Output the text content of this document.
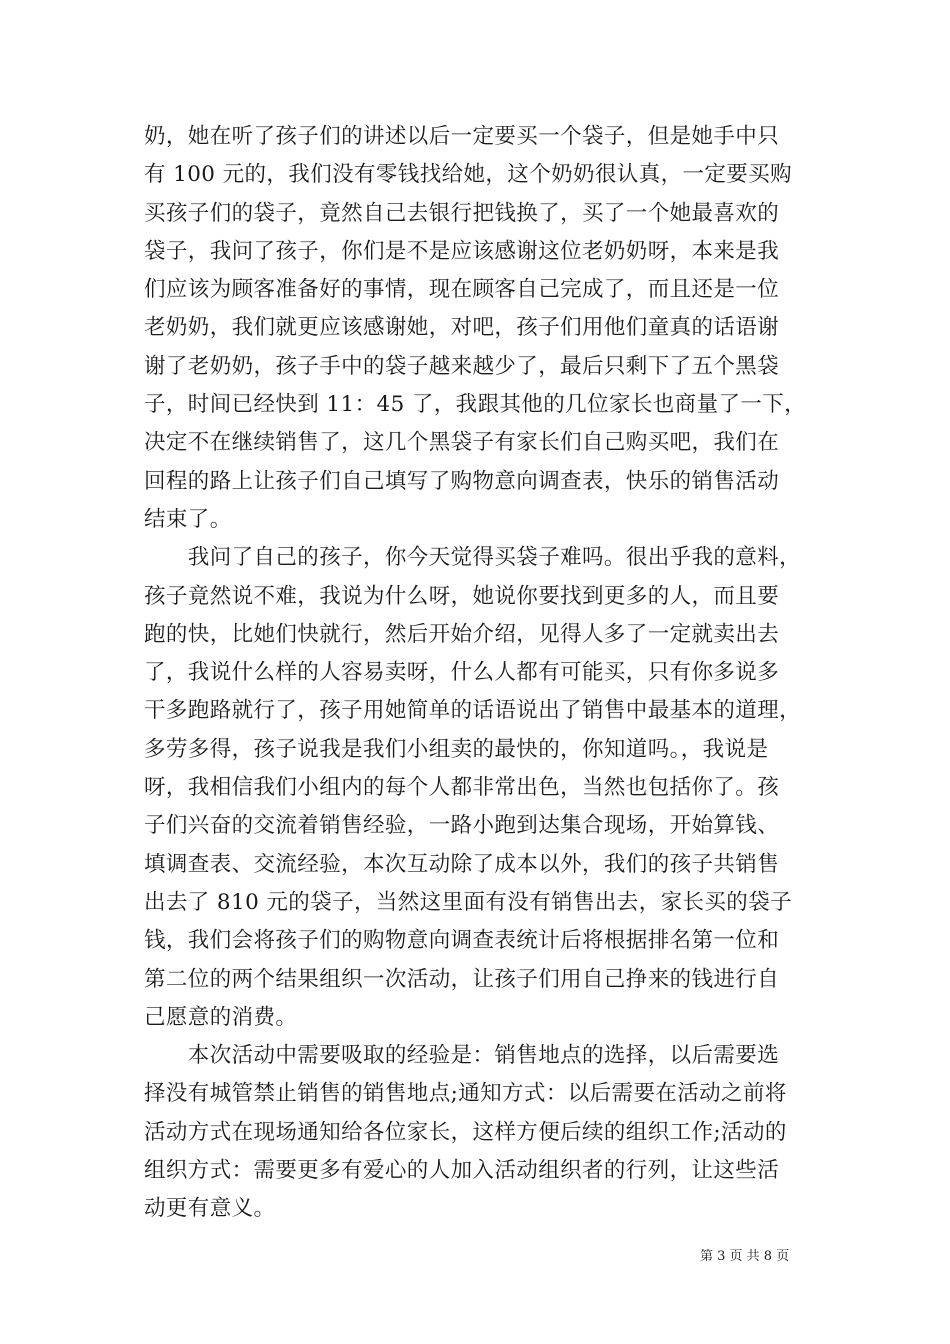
奶，她在听了孩子们的讲述以后一定要买一个袋子，但是她手中只
有 100 元的，我们没有零钱找给她，这个奶奶很认真，一定要买购
买孩子们的袋子，竟然自己去银行把钱换了，买了一个她最喜欢的
袋子，我问了孩子，你们是不是应该感谢这位老奶奶呀，本来是我
们应该为顾客准备好的事情，现在顾客自己完成了，而且还是一位
老奶奶，我们就更应该感谢她，对吧，孩子们用他们童真的话语谢
谢了老奶奶，孩子手中的袋子越来越少了，最后只剩下了五个黑袋
子，时间已经快到 11：45 了，我跟其他的几位家长也商量了一下，
决定不在继续销售了，这几个黑袋子有家长们自己购买吧，我们在
回程的路上让孩子们自己填写了购物意向调查表，快乐的销售活动
结束了。

　　我问了自己的孩子，你今天觉得买袋子难吗。很出乎我的意料，
孩子竟然说不难，我说为什么呀，她说你要找到更多的人，而且要
跑的快，比她们快就行，然后开始介绍，见得人多了一定就卖出去
了，我说什么样的人容易卖呀，什么人都有可能买，只有你多说多
干多跑路就行了，孩子用她简单的话语说出了销售中最基本的道理，
多劳多得，孩子说我是我们小组卖的最快的，你知道吗。，我说是
呀，我相信我们小组内的每个人都非常出色，当然也包括你了。孩
子们兴奋的交流着销售经验，一路小跑到达集合现场，开始算钱、
填调查表、交流经验，本次互动除了成本以外，我们的孩子共销售
出去了 810 元的袋子，当然这里面有没有销售出去，家长买的袋子
钱，我们会将孩子们的购物意向调查表统计后将根据排名第一位和
第二位的两个结果组织一次活动，让孩子们用自己挣来的钱进行自
己愿意的消费。

　　本次活动中需要吸取的经验是：销售地点的选择，以后需要选
择没有城管禁止销售的销售地点;通知方式：以后需要在活动之前将
活动方式在现场通知给各位家长，这样方便后续的组织工作;活动的
组织方式：需要更多有爱心的人加入活动组织者的行列，让这些活
动更有意义。

第 3 页 共 8 页
